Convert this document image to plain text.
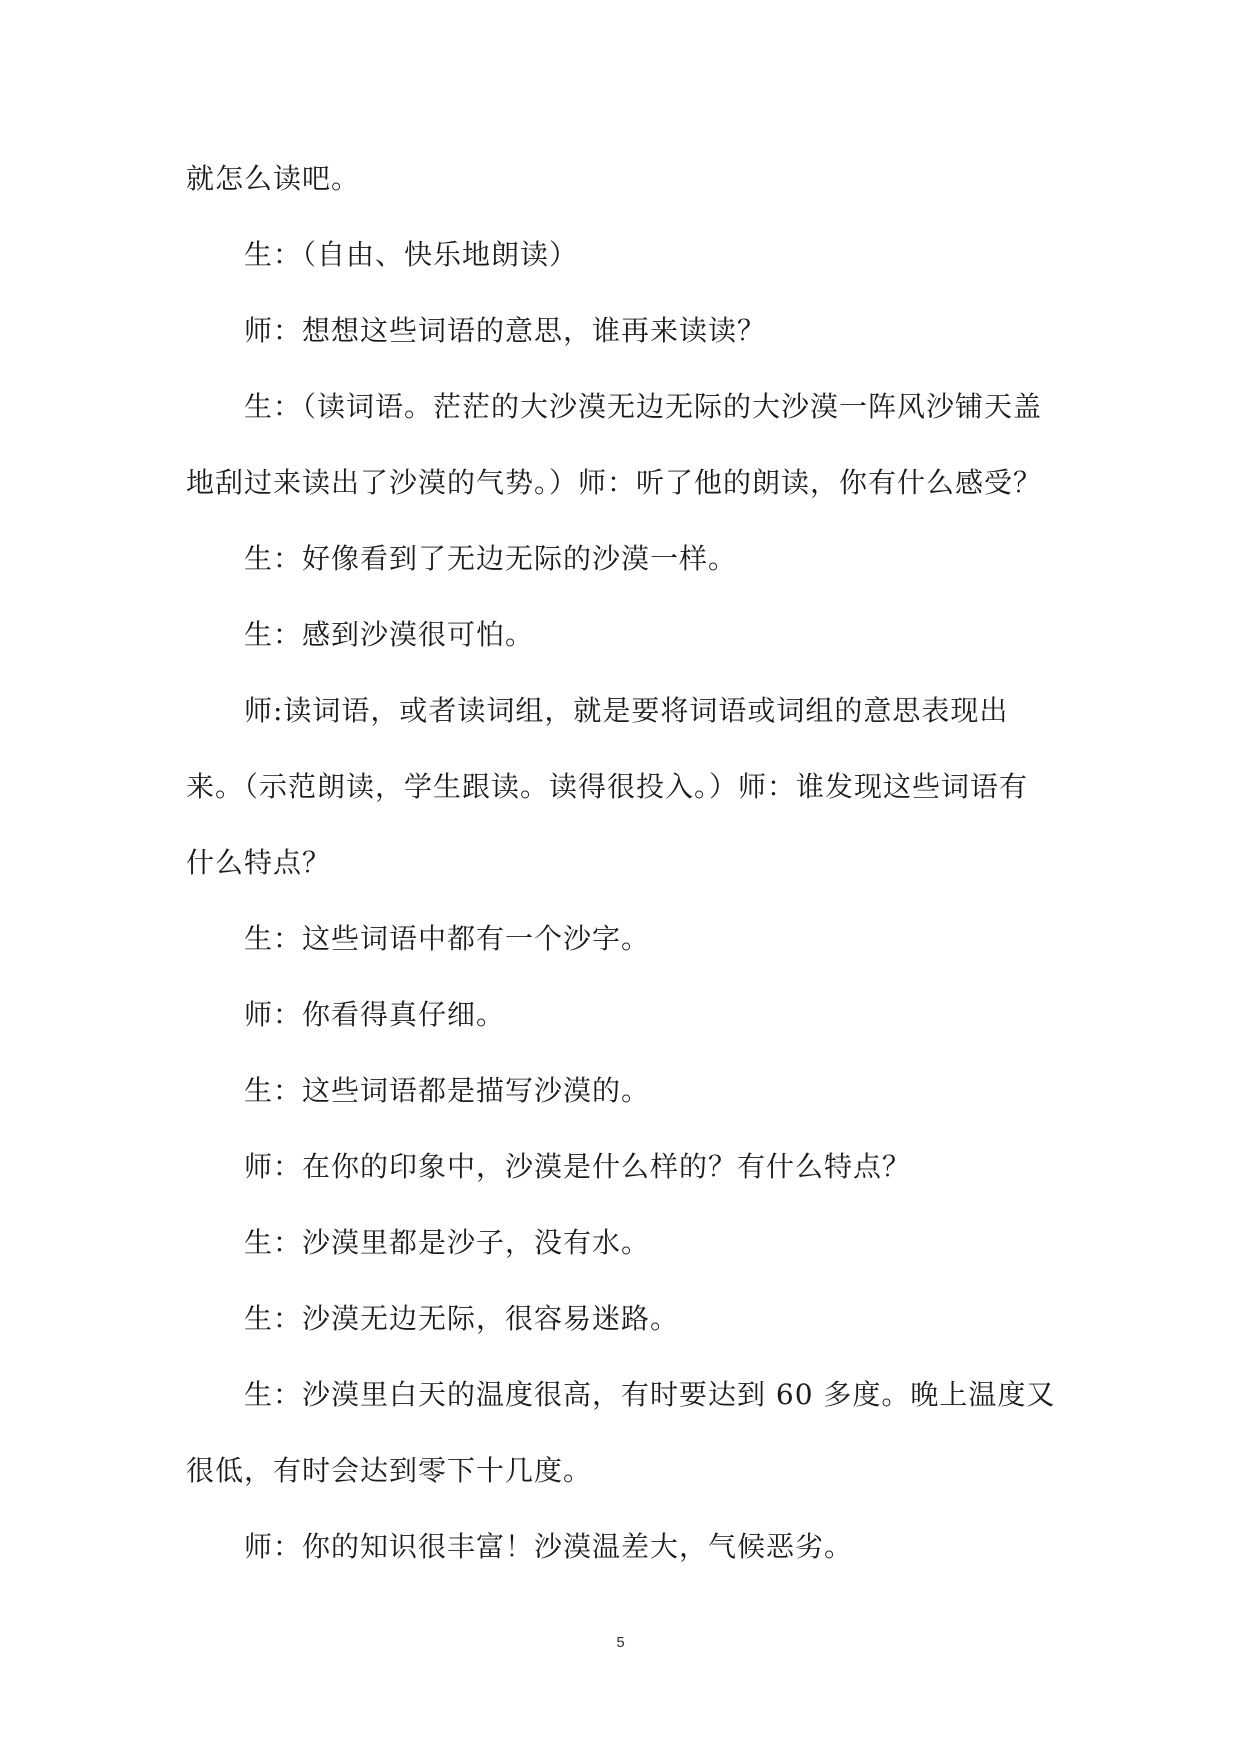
就怎么读吧。

生：（自由、快乐地朗读）

师：想想这些词语的意思，谁再来读读？

生：（读词语。茫茫的大沙漠无边无际的大沙漠一阵风沙铺天盖地刮过来读出了沙漠的气势。）师：听了他的朗读，你有什么感受？

生：好像看到了无边无际的沙漠一样。

生：感到沙漠很可怕。

师:读词语，或者读词组，就是要将词语或词组的意思表现出来。（示范朗读，学生跟读。读得很投入。）师：谁发现这些词语有什么特点？

生：这些词语中都有一个沙字。

师：你看得真仔细。

生：这些词语都是描写沙漠的。

师：在你的印象中，沙漠是什么样的？有什么特点？

生：沙漠里都是沙子，没有水。

生：沙漠无边无际，很容易迷路。

生：沙漠里白天的温度很高，有时要达到 60 多度。晚上温度又很低，有时会达到零下十几度。

师：你的知识很丰富！沙漠温差大，气候恶劣。

5
